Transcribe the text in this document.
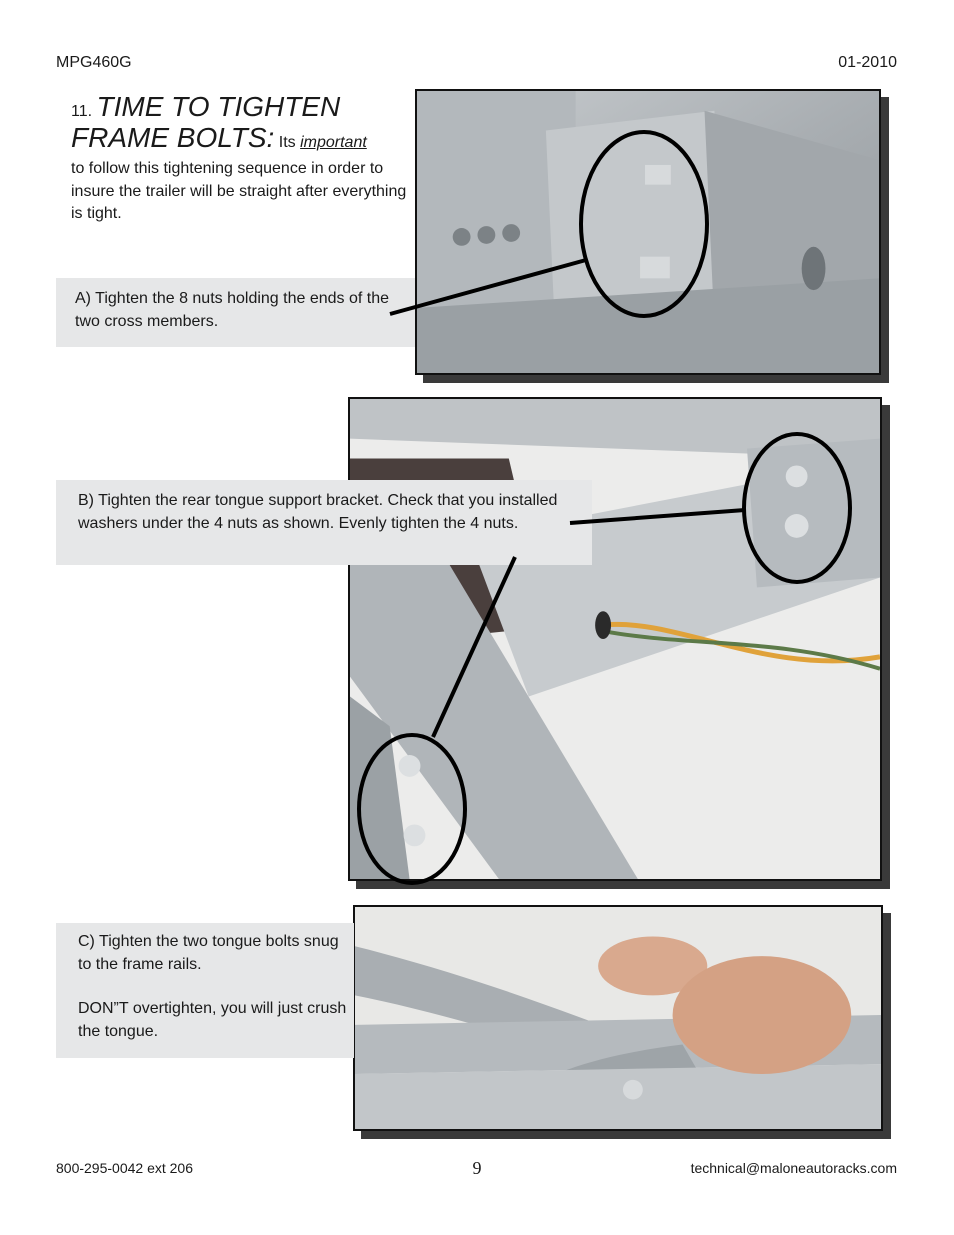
MPG460G	01-2010
11. TIME TO TIGHTEN
FRAME BOLTS: Its important
to follow this tightening sequence in order to insure the trailer will be straight after everything is tight.
A) Tighten the 8 nuts holding the ends of the two cross members.
B) Tighten the rear tongue support bracket. Check that you installed washers under the 4 nuts as shown. Evenly tighten the 4 nuts.
C) Tighten the two tongue bolts snug to the frame rails.
DON”T overtighten, you will just crush the tongue.
800-295-0042 ext 206	9	technical@maloneautoracks.com
